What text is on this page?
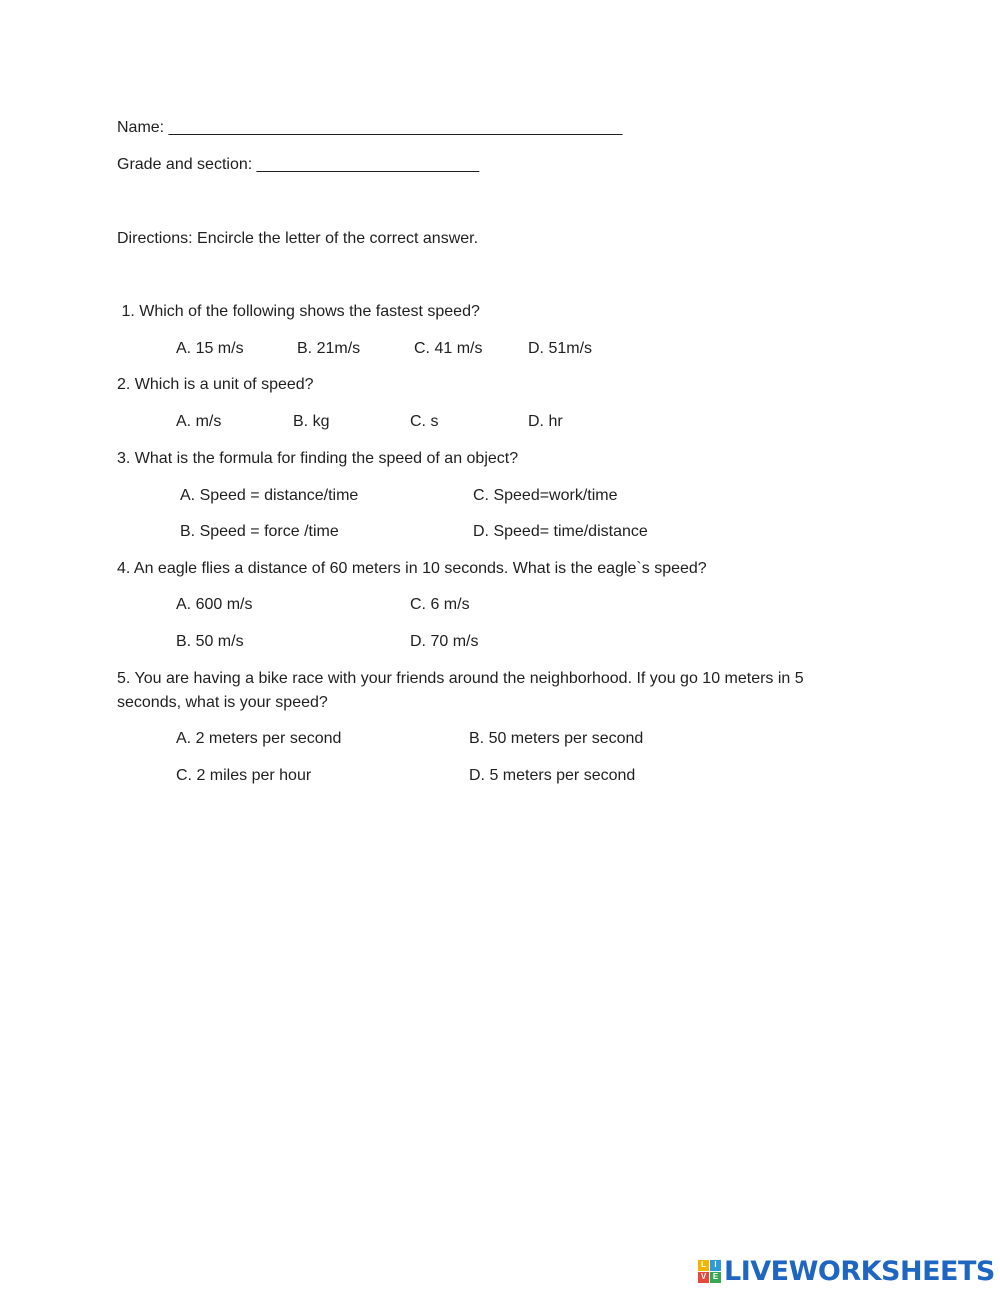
Name: ___________________________________________________
Grade and section: _________________________
Directions: Encircle the letter of the correct answer.
1. Which of the following shows the fastest speed?
A. 15 m/s	B. 21m/s	C. 41 m/s	D. 51m/s
2. Which is a unit of speed?
A. m/s	B. kg	C. s	D. hr
3. What is the formula for finding the speed of an object?
A. Speed = distance/time	C. Speed=work/time
B. Speed = force /time	D. Speed= time/distance
4. An eagle flies a distance of 60 meters in 10 seconds. What is the eagle`s speed?
A. 600 m/s	C. 6 m/s
B. 50 m/s	D. 70 m/s
5. You are having a bike race with your friends around the neighborhood. If you go 10 meters in 5
seconds, what is your speed?
A. 2 meters per second	B. 50 meters per second
C. 2 miles per hour	D. 5 meters per second
L	I
V E LIVEWORKSHEETS
